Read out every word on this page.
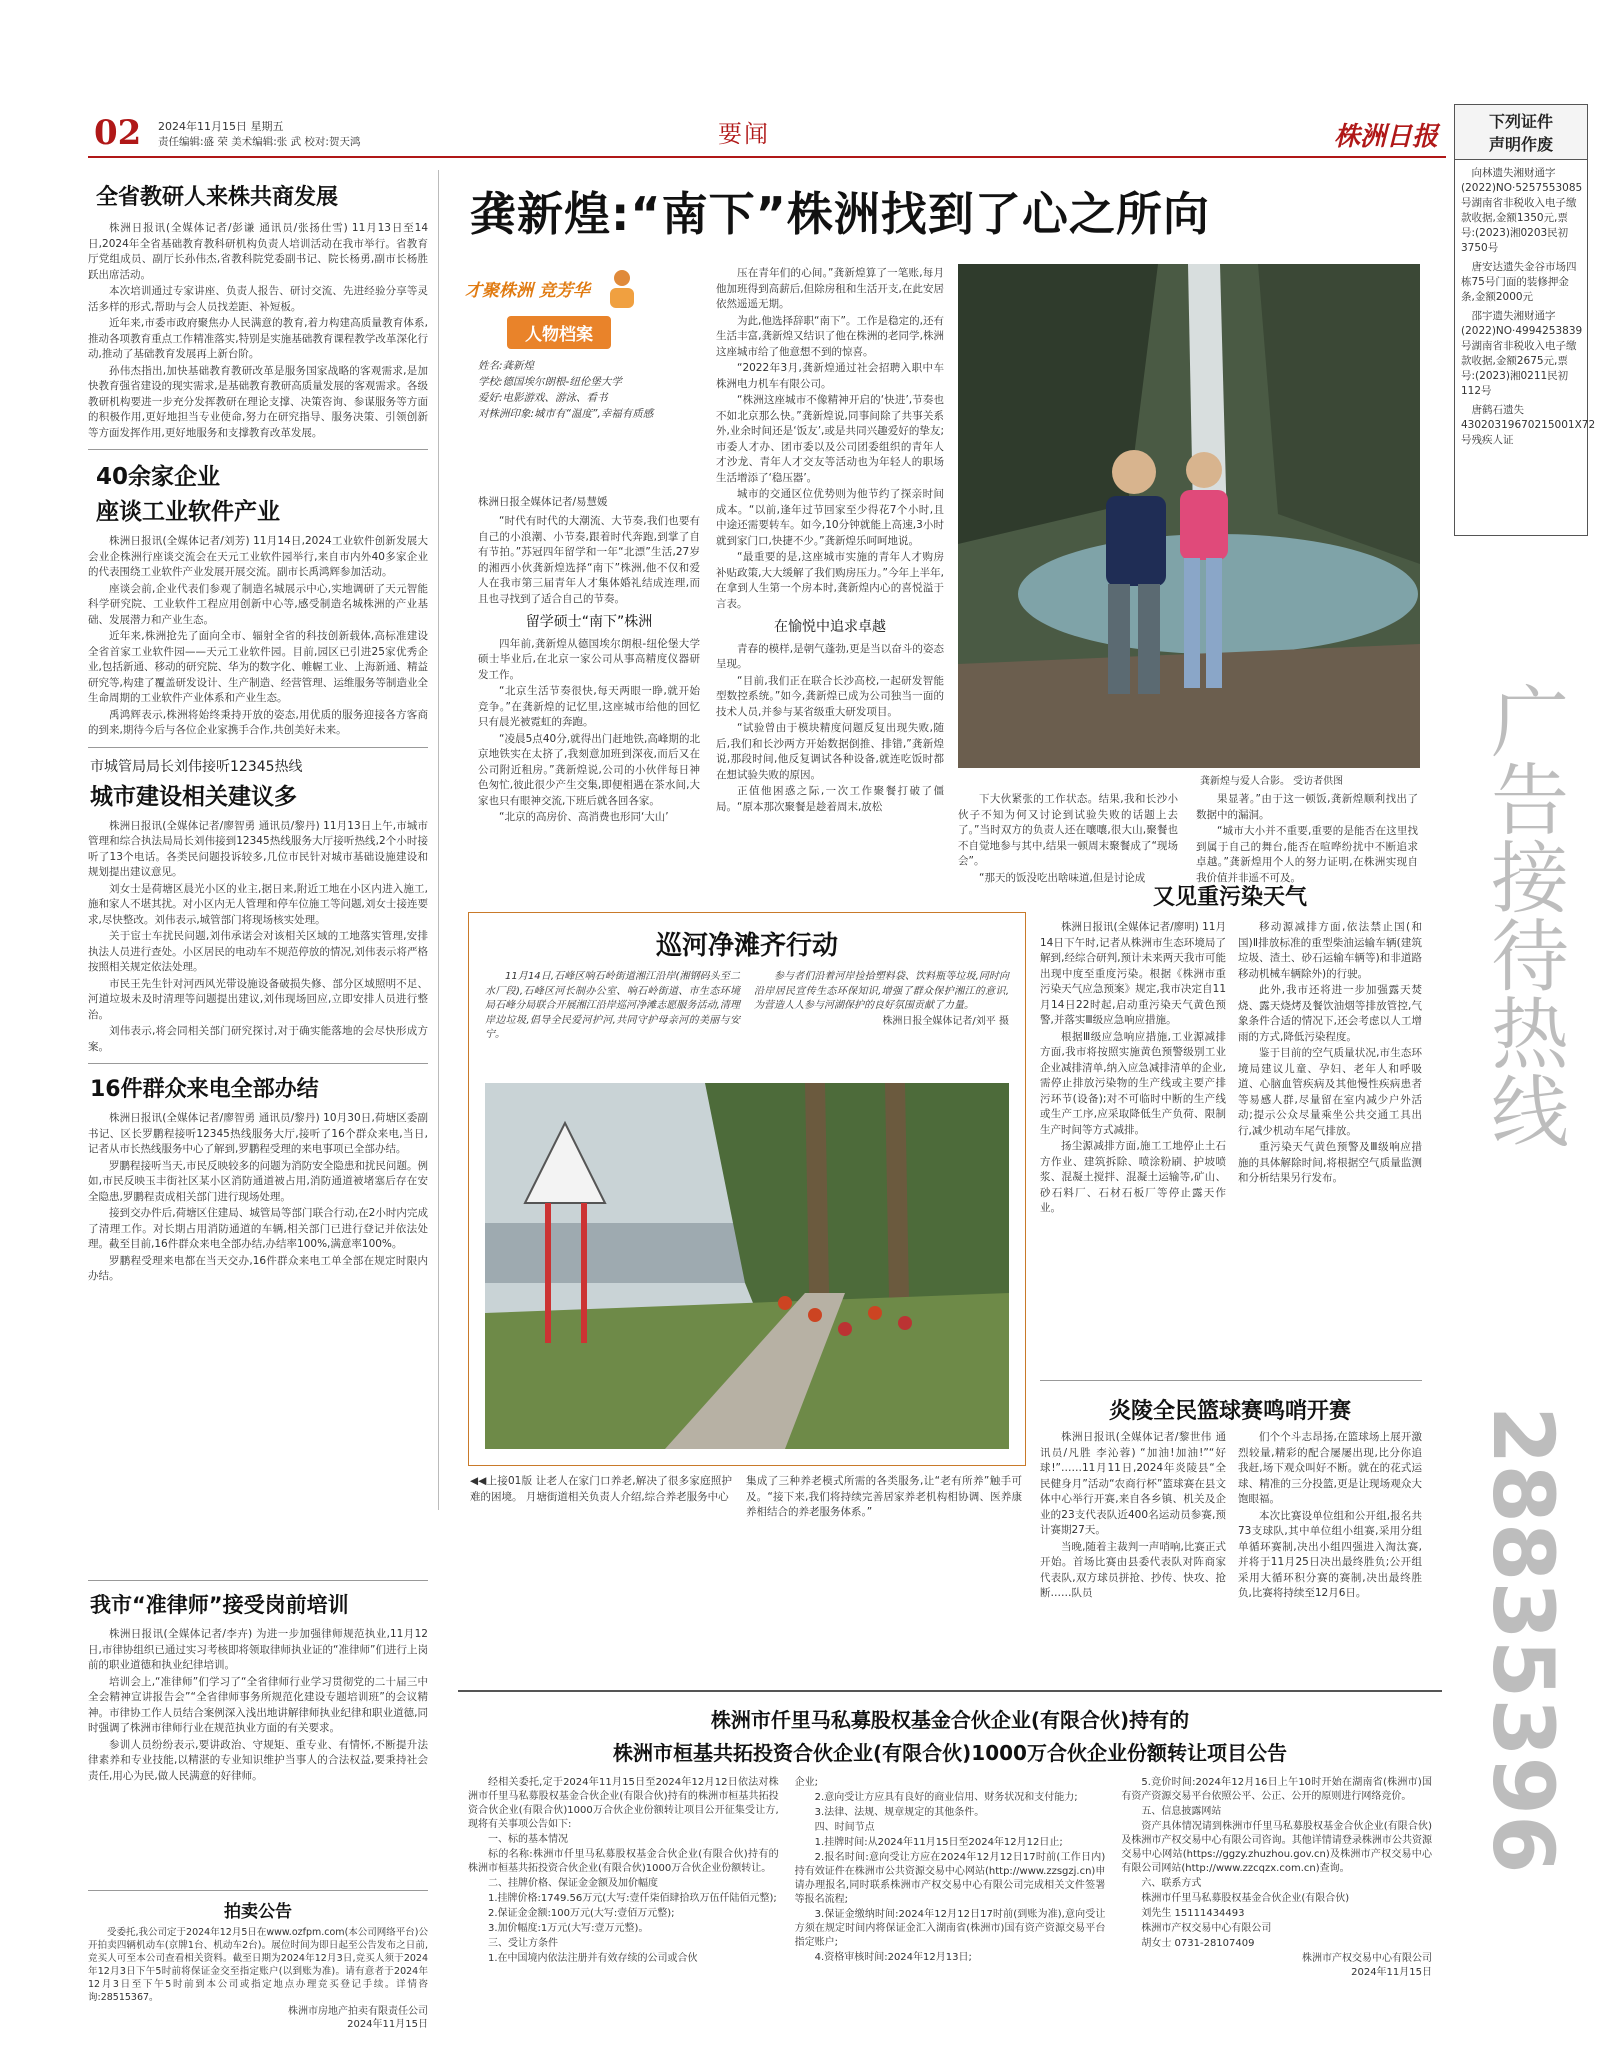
02 2024年11月15日 星期五
责任编辑:盛 荣 美术编辑:张 武 校对:贺天鸿	要闻	株洲日报
下列证件
声明作废

向林遗失湘财通字(2022)NO·5257553085号湖南省非税收入电子缴款收据,金额1350元,票号:(2023)湘0203民初3750号

唐安达遗失金谷市场四栋75号门面的装修押金条,金额2000元

邵宇遗失湘财通字(2022)NO·4994253839号湖南省非税收入电子缴款收据,金额2675元,票号:(2023)湘0211民初112号

唐鹤石遗失43020319670215001X72号残疾人证

广告接待热线
28835396
全省教研人来株共商发展

株洲日报讯(全媒体记者/彭谦 通讯员/张扬仕雪) 11月13日至14日,2024年全省基础教育教科研机构负责人培训活动在我市举行。省教育厅党组成员、副厅长孙伟杰,省教科院党委副书记、院长杨勇,副市长杨胜跃出席活动。

本次培训通过专家讲座、负责人报告、研讨交流、先进经验分享等灵活多样的形式,帮助与会人员找差距、补短板。

近年来,市委市政府聚焦办人民满意的教育,着力构建高质量教育体系,推动各项教育重点工作精准落实,特别是实施基础教育课程教学改革深化行动,推动了基础教育发展再上新台阶。

孙伟杰指出,加快基础教育教研改革是服务国家战略的客观需求,是加快教育强省建设的现实需求,是基础教育教研高质量发展的客观需求。各级教研机构要进一步充分发挥教研在理论支撑、决策咨询、参谋服务等方面的积极作用,更好地担当专业使命,努力在研究指导、服务决策、引领创新等方面发挥作用,更好地服务和支撑教育改革发展。

40余家企业
座谈工业软件产业

株洲日报讯(全媒体记者/刘芳) 11月14日,2024工业软件创新发展大会业企株洲行座谈交流会在天元工业软件园举行,来自市内外40多家企业的代表围绕工业软件产业发展开展交流。副市长禹鸿辉参加活动。

座谈会前,企业代表们参观了制造名城展示中心,实地调研了天元智能科学研究院、工业软件工程应用创新中心等,感受制造名城株洲的产业基础、发展潜力和产业生态。

近年来,株洲抢先了面向全市、辐射全省的科技创新载体,高标准建设全省首家工业软件园——天元工业软件园。目前,园区已引进25家优秀企业,包括新通、移动的研究院、华为的数字化、帷幄工业、上海新通、精益研究等,构建了覆盖研发设计、生产制造、经营管理、运维服务等制造业全生命周期的工业软件产业体系和产业生态。

禹鸿辉表示,株洲将始终秉持开放的姿态,用优质的服务迎接各方客商的到来,期待今后与各位企业家携手合作,共创美好未来。

市城管局局长刘伟接听12345热线
城市建设相关建议多

株洲日报讯(全媒体记者/廖智勇 通讯员/黎丹) 11月13日上午,市城市管理和综合执法局局长刘伟接到12345热线服务大厅接听热线,2个小时接听了13个电话。各类民问题投诉较多,几位市民针对城市基础设施建设和规划提出建议意见。

刘女士是荷塘区晨光小区的业主,据日来,附近工地在小区内进入施工,施和家人不堪其扰。对小区内无人管理和停车位施工等问题,刘女士接连要求,尽快整改。刘伟表示,城管部门将现场核实处理。

关于宦士车扰民问题,刘伟承诺会对该相关区域的工地落实管理,安排执法人员进行查处。小区居民的电动车不规范停放的情况,刘伟表示将严格按照相关规定依法处理。

市民王先生针对河西风光带设施设备破损失修、部分区域照明不足、河道垃圾未及时清理等问题提出建议,刘伟现场回应,立即安排人员进行整治。

刘伟表示,将会同相关部门研究探讨,对于确实能落地的会尽快形成方案。

16件群众来电全部办结

株洲日报讯(全媒体记者/廖智勇 通讯员/黎丹) 10月30日,荷塘区委副书记、区长罗鹏程接听12345热线服务大厅,接听了16个群众来电,当日,记者从市长热线服务中心了解到,罗鹏程受理的来电事项已全部办结。

罗鹏程接听当天,市民反映较多的问题为消防安全隐患和扰民问题。例如,市民反映玉丰街社区某小区消防通道被占用,消防通道被堵塞后存在安全隐患,罗鹏程责成相关部门进行现场处理。

接到交办件后,荷塘区住建局、城管局等部门联合行动,在2小时内完成了清理工作。对长期占用消防通道的车辆,相关部门已进行登记并依法处理。截至目前,16件群众来电全部办结,办结率100%,满意率100%。

罗鹏程受理来电都在当天交办,16件群众来电工单全部在规定时限内办结。

我市“准律师”接受岗前培训

株洲日报讯(全媒体记者/李卉) 为进一步加强律师规范执业,11月12日,市律协组织已通过实习考核即将领取律师执业证的“准律师”们进行上岗前的职业道德和执业纪律培训。

培训会上,“准律师”们学习了“全省律师行业学习贯彻党的二十届三中全会精神宣讲报告会”“全省律师事务所规范化建设专题培训班”的会议精神。市律协工作人员结合案例深入浅出地讲解律师执业纪律和职业道德,同时强调了株洲市律师行业在规范执业方面的有关要求。

参训人员纷纷表示,要讲政治、守规矩、重专业、有情怀,不断提升法律素养和专业技能,以精湛的专业知识维护当事人的合法权益,要秉持社会责任,用心为民,做人民满意的好律师。

拍卖公告

受委托,我公司定于2024年12月5日在www.ozfpm.com(本公司网络平台)公开拍卖四辆机动车(京牌1台、机动车2台)。展位时间为即日起至公告发布之日前,竞买人可至本公司查看相关资料。截至日期为2024年12月3日,竞买人须于2024年12月3日下午5时前将保证金交至指定账户(以到账为准)。请有意者于2024年12月3日至下午5时前到本公司或指定地点办理竞买登记手续。详情咨询:28515367。

株洲市房地产拍卖有限责任公司
2024年11月15日
龚新煌:“南下”株洲找到了心之所向
才聚株洲 竞芳华
人物档案
姓名:龚新煌
学校:德国埃尔朗根-纽伦堡大学
爱好:电影游戏、游泳、看书
对株洲印象:城市有“温度”,幸福有质感
株洲日报全媒体记者/易慧媛

“时代有时代的大潮流、大节奏,我们也要有自己的小浪潮、小节奏,跟着时代奔跑,到掌了自有节拍。”苏冠四年留学和一年“北漂”生活,27岁的湘西小伙龚新煌选择“南下”株洲,他不仅和爱人在我市第三届青年人才集体婚礼结成连理,而且也寻找到了适合自己的节奏。

留学硕士“南下”株洲

四年前,龚新煌从德国埃尔朗根-纽伦堡大学硕士毕业后,在北京一家公司从事高精度仪器研发工作。

“北京生活节奏很快,每天两眼一睁,就开始竞争。”在龚新煌的记忆里,这座城市给他的回忆只有晨光被霓虹的奔跑。

“凌晨5点40分,就得出门赶地铁,高峰期的北京地铁实在太挤了,我刻意加班到深夜,而后又在公司附近租房。”龚新煌说,公司的小伙伴每日神色匆忙,彼此很少产生交集,即便相遇在茶水间,大家也只有眼神交流,下班后就各回各家。

“北京的高房价、高消费也形同‘大山’

压在青年们的心间。”龚新煌算了一笔账,每月他加班得到高薪后,但除房租和生活开支,在此安居依然遥遥无期。

为此,他选择辞职“南下”。工作是稳定的,还有生活丰富,龚新煌又结识了他在株洲的老同学,株洲这座城市给了他意想不到的惊喜。

“2022年3月,龚新煌通过社会招聘入职中车株洲电力机车有限公司。

“株洲这座城市不像精神开启的‘快进’,节奏也不如北京那么快。”龚新煌说,同事间除了共事关系外,业余时间还是‘饭友’,或是共同兴趣爱好的挚友;市委人才办、团市委以及公司团委组织的青年人才沙龙、青年人才交友等活动也为年轻人的职场生活增添了‘稳压器’。

城市的交通区位优势则为他节约了探亲时间成本。“以前,逢年过节回家至少得花7个小时,且中途还需要转车。如今,10分钟就能上高速,3小时就到家门口,快捷不少。”龚新煌乐呵呵地说。

“最重要的是,这座城市实施的青年人才购房补贴政策,大大缓解了我们购房压力。”今年上半年,在拿到人生第一个房本时,龚新煌内心的喜悦溢于言表。

在愉悦中追求卓越

青春的模样,是朝气蓬勃,更是当以奋斗的姿态呈现。

“目前,我们正在联合长沙高校,一起研发智能型数控系统。”如今,龚新煌已成为公司独当一面的技术人员,并参与某省级重大研发项目。

“试验曾由于模块精度问题反复出现失败,随后,我们和长沙两方开始数据倒推、排错,”龚新煌说,那段时间,他反复调试各种设备,就连吃饭时都在想试验失败的原因。

正值他困惑之际,一次工作聚餐打破了僵局。“原本那次聚餐是趁着周末,放松

龚新煌与爱人合影。 受访者供图

下大伙紧张的工作状态。结果,我和长沙小伙子不知为何又讨论到试验失败的话题上去了。”当时双方的负责人还在嚷嚷,很大山,聚餐也不自觉地参与其中,结果一顿周末聚餐成了“现场会”。

“那天的饭没吃出啥味道,但是讨论成

果显著。”由于这一顿饭,龚新煌顺利找出了数据中的漏洞。

“城市大小并不重要,重要的是能否在这里找到属于自己的舞台,能否在喧哗纷扰中不断追求卓越。”龚新煌用个人的努力证明,在株洲实现自我价值并非遥不可及。

巡河净滩齐行动

11月14日,石峰区响石岭街道湘江沿岸(湘钢码头至二水厂段),石峰区河长制办公室、响石岭街道、市生态环境局石峰分局联合开展湘江沿岸巡河净滩志愿服务活动,清理岸边垃圾,倡导全民爱河护河,共同守护母亲河的美丽与安宁。

参与者们沿着河岸捡拾塑料袋、饮料瓶等垃圾,同时向沿岸居民宣传生态环保知识,增强了群众保护湘江的意识,为营造人人参与河湖保护的良好氛围贡献了力量。

株洲日报全媒体记者/刘平 摄

◀◀上接01版 让老人在家门口养老,解决了很多家庭照护难的困境。 月塘街道相关负责人介绍,综合养老服务中心

集成了三种养老模式所需的各类服务,让“老有所养”触手可及。“接下来,我们将持续完善居家养老机构相协调、医养康养相结合的养老服务体系。”

又见重污染天气

株洲日报讯(全媒体记者/廖明) 11月14日下午时,记者从株洲市生态环境局了解到,经综合研判,预计未来两天我市可能出现中度至重度污染。根据《株洲市重污染天气应急预案》规定,我市决定自11月14日22时起,启动重污染天气黄色预警,并落实Ⅲ级应急响应措施。

根据Ⅲ级应急响应措施,工业源减排方面,我市将按照实施黄色预警级别工业企业减排清单,纳入应急减排清单的企业,需停止排放污染物的生产线或主要产排污环节(设备);对不可临时中断的生产线或生产工序,应采取降低生产负荷、限制生产时间等方式减排。

扬尘源减排方面,施工工地停止土石方作业、建筑拆除、喷涂粉刷、护坡喷浆、混凝土搅拌、混凝土运输等,矿山、砂石料厂、石材石板厂等停止露天作业。

移动源减排方面,依法禁止国(和国)Ⅱ排放标准的重型柴油运输车辆(建筑垃圾、渣土、砂石运输车辆等)和非道路移动机械车辆除外)的行驶。

此外,我市还将进一步加强露天焚烧、露天烧烤及餐饮油烟等排放管控,气象条件合适的情况下,还会考虑以人工增雨的方式,降低污染程度。

鉴于目前的空气质量状况,市生态环境局建议儿童、孕妇、老年人和呼吸道、心脑血管疾病及其他慢性疾病患者等易感人群,尽量留在室内减少户外活动;提示公众尽量乘坐公共交通工具出行,减少机动车尾气排放。

重污染天气黄色预警及Ⅲ级响应措施的具体解除时间,将根据空气质量监测和分析结果另行发布。

炎陵全民篮球赛鸣哨开赛

株洲日报讯(全媒体记者/黎世伟 通讯员/凡胜 李沁蓉) “加油!加油!”“好球!”……11月11日,2024年炎陵县“全民健身月”活动“农商行杯”篮球赛在县文体中心举行开赛,来自各乡镇、机关及企业的23支代表队近400名运动员参赛,预计赛期27天。

当晚,随着主裁判一声哨响,比赛正式开始。首场比赛由县委代表队对阵商家代表队,双方球员拼抢、抄传、快攻、抢断……队员

们个个斗志昂扬,在篮球场上展开激烈较量,精彩的配合屡屡出现,比分你追我赶,场下观众叫好不断。就在的花式运球、精准的三分投篮,更是让现场观众大饱眼福。

本次比赛设单位组和公开组,报名共73支球队,其中单位组小组赛,采用分组单循环赛制,决出小组四强进入淘汰赛,并将于11月25日决出最终胜负;公开组采用大循环积分赛的赛制,决出最终胜负,比赛将持续至12月6日。

株洲市仟里马私募股权基金合伙企业(有限合伙)持有的
株洲市桓基共拓投资合伙企业(有限合伙)1000万合伙企业份额转让项目公告

经相关委托,定于2024年11月15日至2024年12月12日依法对株洲市仟里马私募股权基金合伙企业(有限合伙)持有的株洲市桓基共拓投资合伙企业(有限合伙)1000万合伙企业份额转让项目公开征集受让方,现将有关事项公告如下:

一、标的基本情况

标的名称:株洲市仟里马私募股权基金合伙企业(有限合伙)持有的株洲市桓基共拓投资合伙企业(有限合伙)1000万合伙企业份额转让。

二、挂牌价格、保证金金额及加价幅度

1.挂牌价格:1749.56万元(大写:壹仟柒佰肆拾玖万伍仟陆佰元整);

2.保证金金额:100万元(大写:壹佰万元整);

3.加价幅度:1万元(大写:壹万元整)。

三、受让方条件

1.在中国境内依法注册并有效存续的公司或合伙

企业;

2.意向受让方应具有良好的商业信用、财务状况和支付能力;

3.法律、法规、规章规定的其他条件。

四、时间节点

1.挂牌时间:从2024年11月15日至2024年12月12日止;

2.报名时间:意向受让方应在2024年12月12日17时前(工作日内)持有效证件在株洲市公共资源交易中心网站(http://www.zzsgzj.cn)申请办理报名,同时联系株洲市产权交易中心有限公司完成相关文件签署等报名流程;

3.保证金缴纳时间:2024年12月12日17时前(到账为准),意向受让方须在规定时间内将保证金汇入湖南省(株洲市)国有资产资源交易平台指定账户;

4.资格审核时间:2024年12月13日;

5.竞价时间:2024年12月16日上午10时开始在湖南省(株洲市)国有资产资源交易平台依照公平、公正、公开的原则进行网络竞价。

五、信息披露网站

资产具体情况请到株洲市仟里马私募股权基金合伙企业(有限合伙)及株洲市产权交易中心有限公司咨询。其他详情请登录株洲市公共资源交易中心网站(https://ggzy.zhuzhou.gov.cn)及株洲市产权交易中心有限公司网站(http://www.zzcqzx.com.cn)查询。

六、联系方式

株洲市仟里马私募股权基金合伙企业(有限合伙)

刘先生 15111434493

株洲市产权交易中心有限公司

胡女士 0731-28107409

株洲市产权交易中心有限公司
2024年11月15日
